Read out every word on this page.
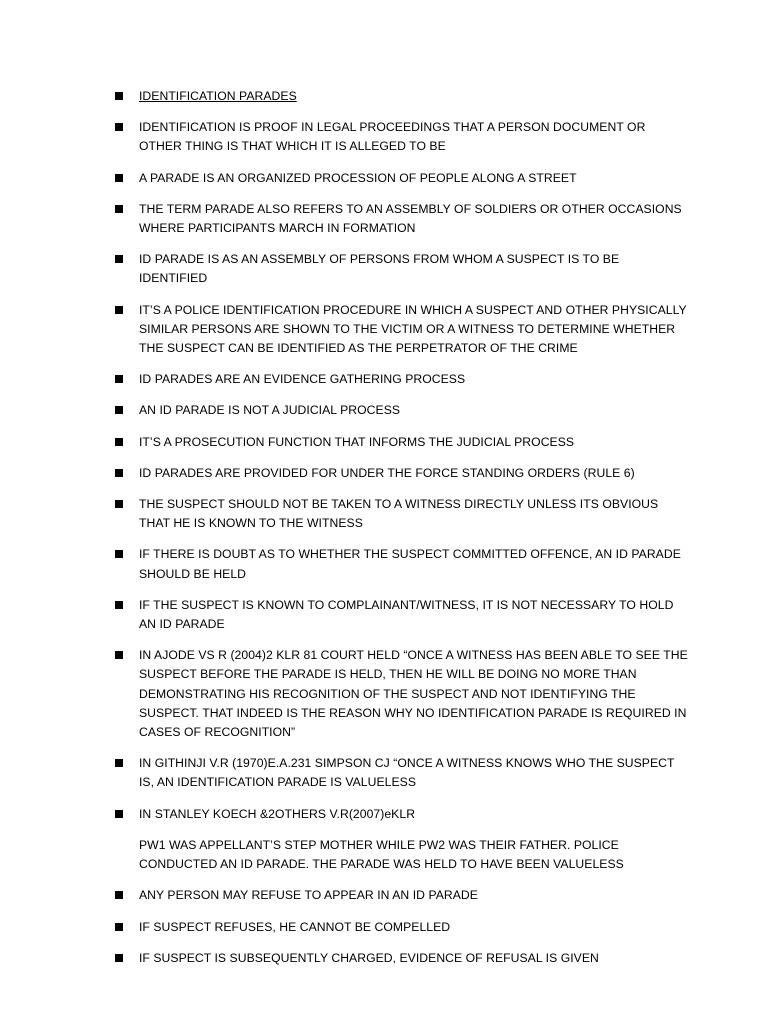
IDENTIFICATION PARADES
IDENTIFICATION IS PROOF IN LEGAL PROCEEDINGS THAT A PERSON DOCUMENT OR OTHER THING IS THAT WHICH IT IS ALLEGED TO BE
A PARADE IS AN ORGANIZED PROCESSION OF PEOPLE ALONG A STREET
THE TERM PARADE ALSO REFERS TO AN ASSEMBLY OF SOLDIERS OR OTHER OCCASIONS WHERE PARTICIPANTS MARCH IN FORMATION
ID PARADE IS AS AN ASSEMBLY OF PERSONS FROM WHOM A SUSPECT IS TO BE IDENTIFIED
IT’S A POLICE IDENTIFICATION PROCEDURE IN WHICH A SUSPECT AND OTHER PHYSICALLY SIMILAR PERSONS ARE SHOWN TO THE VICTIM OR A WITNESS TO DETERMINE WHETHER THE SUSPECT CAN BE IDENTIFIED AS THE PERPETRATOR OF THE CRIME
ID PARADES ARE AN EVIDENCE GATHERING PROCESS
AN ID PARADE IS NOT A JUDICIAL PROCESS
IT’S A PROSECUTION FUNCTION THAT INFORMS THE JUDICIAL PROCESS
ID PARADES ARE PROVIDED FOR UNDER THE FORCE STANDING ORDERS (RULE 6)
THE SUSPECT SHOULD NOT BE TAKEN TO A WITNESS DIRECTLY UNLESS ITS OBVIOUS THAT HE IS KNOWN TO THE WITNESS
IF THERE IS DOUBT AS TO WHETHER THE SUSPECT COMMITTED OFFENCE, AN ID PARADE SHOULD BE HELD
IF THE SUSPECT IS KNOWN TO COMPLAINANT/WITNESS, IT IS NOT NECESSARY TO HOLD AN ID PARADE
IN AJODE VS R (2004)2 KLR 81 COURT HELD “ONCE A WITNESS HAS BEEN ABLE TO SEE THE SUSPECT BEFORE THE PARADE IS HELD, THEN HE WILL BE DOING NO MORE THAN DEMONSTRATING HIS RECOGNITION OF THE SUSPECT AND NOT IDENTIFYING THE SUSPECT. THAT INDEED IS THE REASON WHY NO IDENTIFICATION PARADE IS REQUIRED IN CASES OF RECOGNITION”
IN GITHINJI V.R (1970)E.A.231 SIMPSON CJ “ONCE A WITNESS KNOWS WHO THE SUSPECT IS, AN IDENTIFICATION PARADE IS VALUELESS
IN STANLEY KOECH &2OTHERS V.R(2007)eKLR
PW1 WAS APPELLANT’S STEP MOTHER WHILE PW2 WAS THEIR FATHER. POLICE CONDUCTED AN ID PARADE. THE PARADE WAS HELD TO HAVE BEEN VALUELESS
ANY PERSON MAY REFUSE TO APPEAR IN AN ID PARADE
IF SUSPECT REFUSES, HE CANNOT BE COMPELLED
IF SUSPECT IS SUBSEQUENTLY CHARGED, EVIDENCE OF REFUSAL IS GIVEN
